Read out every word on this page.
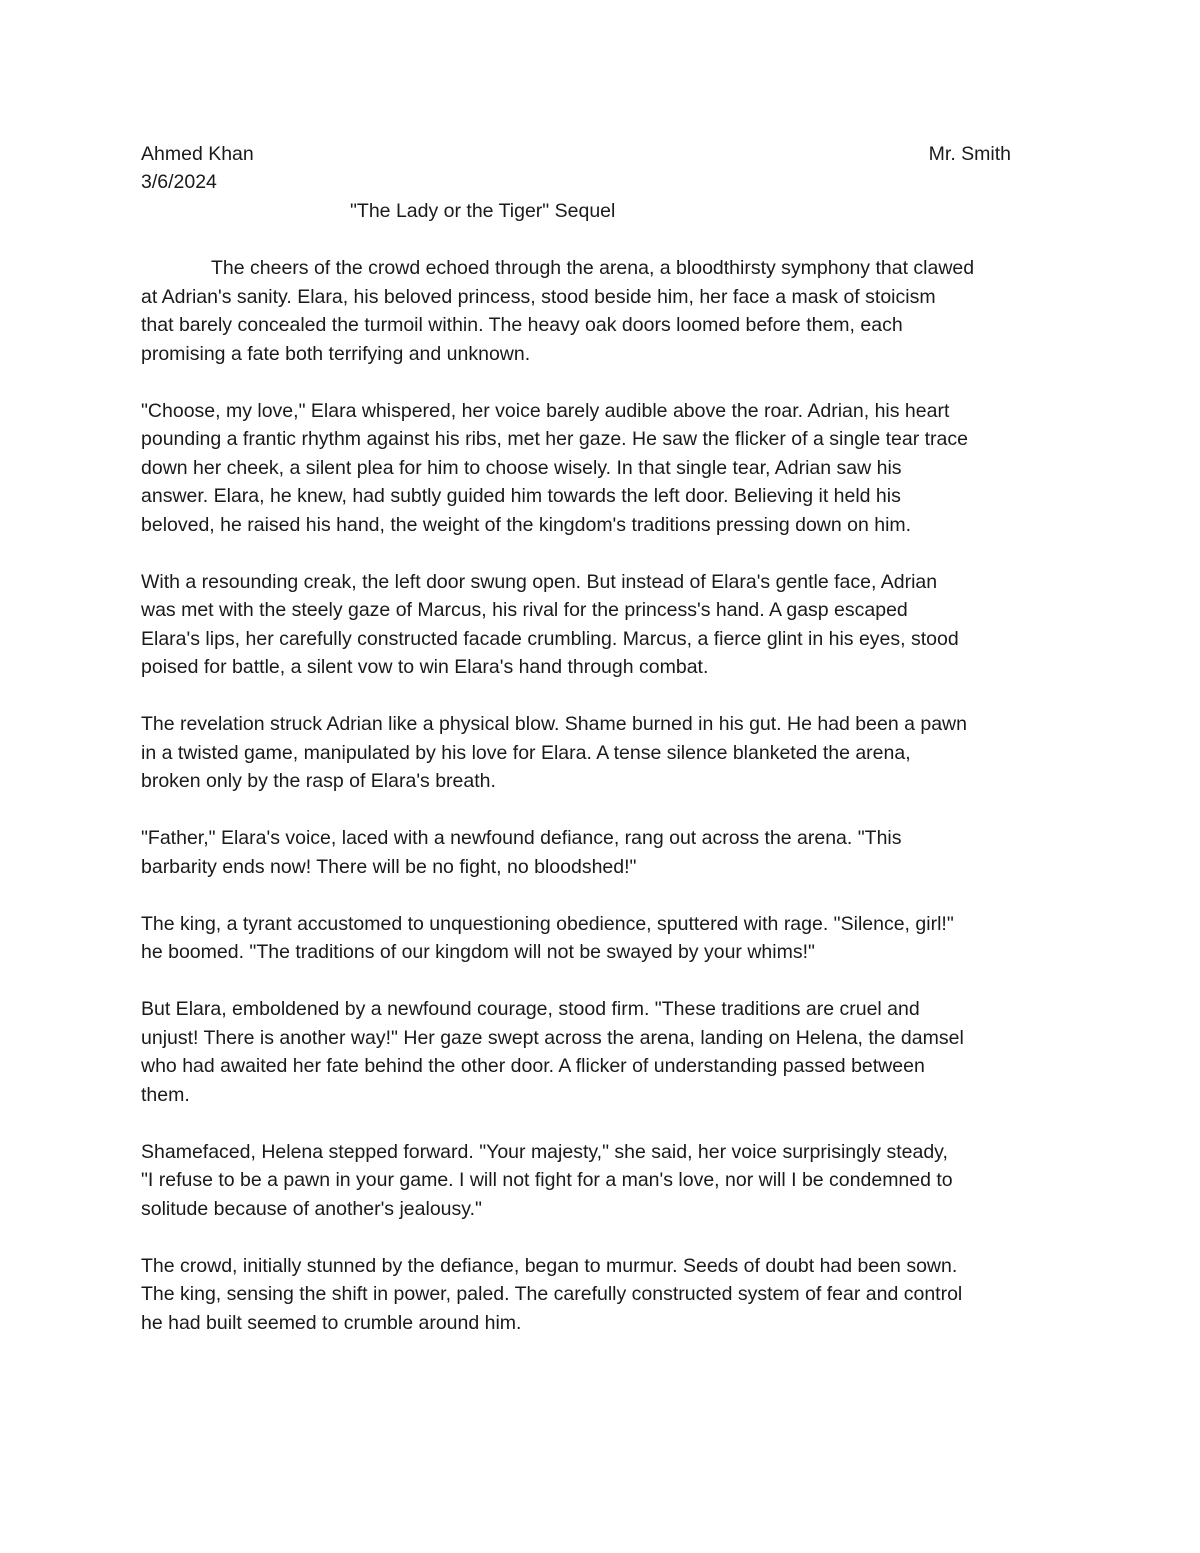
Ahmed Khan	Mr. Smith
3/6/2024
"The Lady or the Tiger" Sequel

The cheers of the crowd echoed through the arena, a bloodthirsty symphony that clawed
at Adrian's sanity. Elara, his beloved princess, stood beside him, her face a mask of stoicism
that barely concealed the turmoil within. The heavy oak doors loomed before them, each
promising a fate both terrifying and unknown.

"Choose, my love," Elara whispered, her voice barely audible above the roar. Adrian, his heart
pounding a frantic rhythm against his ribs, met her gaze. He saw the flicker of a single tear trace
down her cheek, a silent plea for him to choose wisely. In that single tear, Adrian saw his
answer. Elara, he knew, had subtly guided him towards the left door. Believing it held his
beloved, he raised his hand, the weight of the kingdom's traditions pressing down on him.

With a resounding creak, the left door swung open. But instead of Elara's gentle face, Adrian
was met with the steely gaze of Marcus, his rival for the princess's hand. A gasp escaped
Elara's lips, her carefully constructed facade crumbling. Marcus, a fierce glint in his eyes, stood
poised for battle, a silent vow to win Elara's hand through combat.

The revelation struck Adrian like a physical blow. Shame burned in his gut. He had been a pawn
in a twisted game, manipulated by his love for Elara. A tense silence blanketed the arena,
broken only by the rasp of Elara's breath.

"Father," Elara's voice, laced with a newfound defiance, rang out across the arena. "This
barbarity ends now! There will be no fight, no bloodshed!"

The king, a tyrant accustomed to unquestioning obedience, sputtered with rage. "Silence, girl!"
he boomed. "The traditions of our kingdom will not be swayed by your whims!"

But Elara, emboldened by a newfound courage, stood firm. "These traditions are cruel and
unjust! There is another way!" Her gaze swept across the arena, landing on Helena, the damsel
who had awaited her fate behind the other door. A flicker of understanding passed between
them.

Shamefaced, Helena stepped forward. "Your majesty," she said, her voice surprisingly steady,
"I refuse to be a pawn in your game. I will not fight for a man's love, nor will I be condemned to
solitude because of another's jealousy."

The crowd, initially stunned by the defiance, began to murmur. Seeds of doubt had been sown.
The king, sensing the shift in power, paled. The carefully constructed system of fear and control
he had built seemed to crumble around him.
